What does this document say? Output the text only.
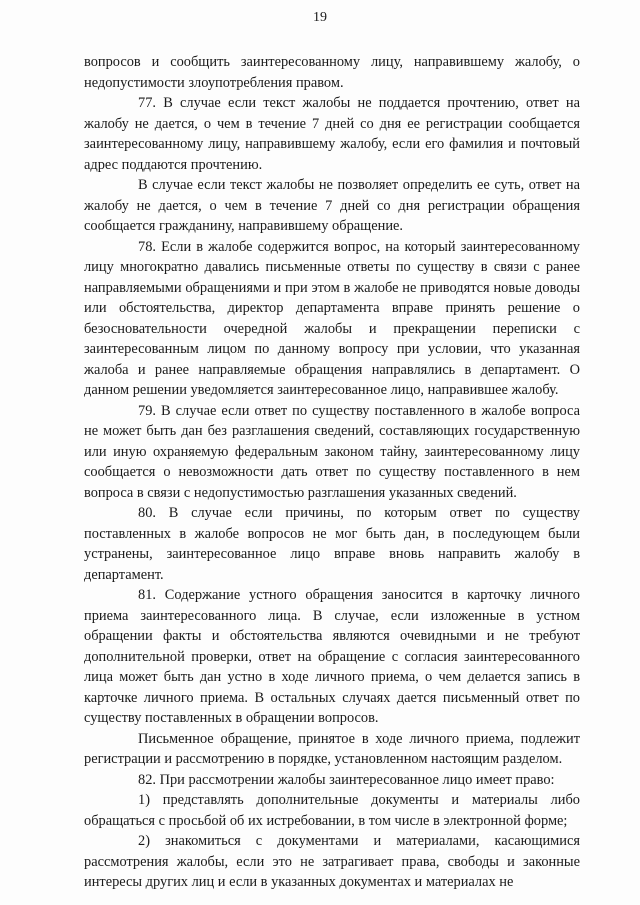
19

вопросов и сообщить заинтересованному лицу, направившему жалобу, о недопустимости злоупотребления правом.

77. В случае если текст жалобы не поддается прочтению, ответ на жалобу не дается, о чем в течение 7 дней со дня ее регистрации сообщается заинтересованному лицу, направившему жалобу, если его фамилия и почтовый адрес поддаются прочтению.

В случае если текст жалобы не позволяет определить ее суть, ответ на жалобу не дается, о чем в течение 7 дней со дня регистрации обращения сообщается гражданину, направившему обращение.

78. Если в жалобе содержится вопрос, на который заинтересованному лицу многократно давались письменные ответы по существу в связи с ранее направляемыми обращениями и при этом в жалобе не приводятся новые доводы или обстоятельства, директор департамента вправе принять решение о безосновательности очередной жалобы и прекращении переписки с заинтересованным лицом по данному вопросу при условии, что указанная жалоба и ранее направляемые обращения направлялись в департамент. О данном решении уведомляется заинтересованное лицо, направившее жалобу.

79. В случае если ответ по существу поставленного в жалобе вопроса не может быть дан без разглашения сведений, составляющих государственную или иную охраняемую федеральным законом тайну, заинтересованному лицу сообщается о невозможности дать ответ по существу поставленного в нем вопроса в связи с недопустимостью разглашения указанных сведений.

80. В случае если причины, по которым ответ по существу поставленных в жалобе вопросов не мог быть дан, в последующем были устранены, заинтересованное лицо вправе вновь направить жалобу в департамент.

81. Содержание устного обращения заносится в карточку личного приема заинтересованного лица. В случае, если изложенные в устном обращении факты и обстоятельства являются очевидными и не требуют дополнительной проверки, ответ на обращение с согласия заинтересованного лица может быть дан устно в ходе личного приема, о чем делается запись в карточке личного приема. В остальных случаях дается письменный ответ по существу поставленных в обращении вопросов.

Письменное обращение, принятое в ходе личного приема, подлежит регистрации и рассмотрению в порядке, установленном настоящим разделом.

82. При рассмотрении жалобы заинтересованное лицо имеет право:

1) представлять дополнительные документы и материалы либо обращаться с просьбой об их истребовании, в том числе в электронной форме;

2) знакомиться с документами и материалами, касающимися рассмотрения жалобы, если это не затрагивает права, свободы и законные интересы других лиц и если в указанных документах и материалах не
